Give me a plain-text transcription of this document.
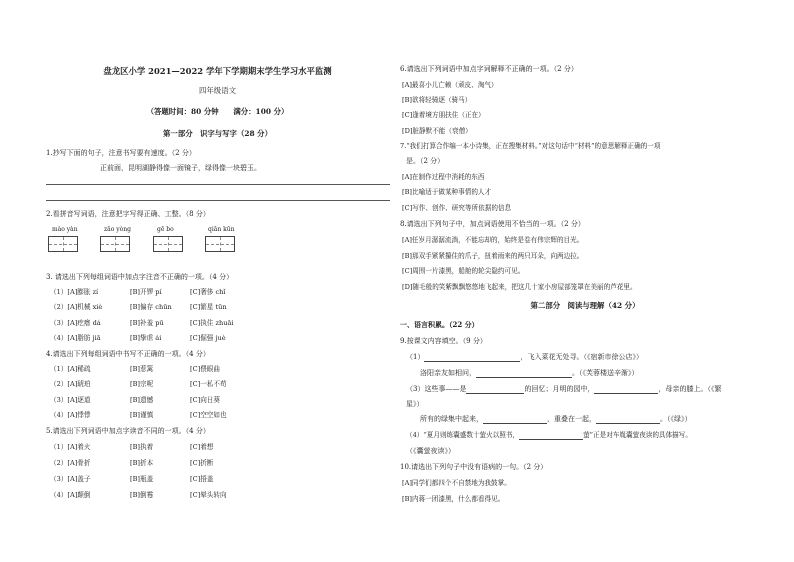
盘龙区小学 2021—2022 学年下学期期末学生学习水平监测
四年级语文
（答题时间：80 分钟　　满分：100 分）
第一部分　识字与写字（28 分）
1.抄写下面的句子，注意书写要有速度。（2 分）
正前面，昆明湖静得像一面镜子，绿得像一块碧玉。
2.看拼音写词语，注意把字写得正确、工整。（8 分）
mào yàn	zāo yòng	gē bo	qiān kūn
3. 请选出下列每组词语中加点字注音不正确的一项。（4 分）
（1）[A]膨胀 zí	[B]开锣 pí	[C]奢侈 chǐ
（2）[A]机械 xiè	[B]偏存 chūn	[C]繁星 tūn
（3）[A]疙瘩 dá	[B]补羞 pū	[C]执住 zhuāi
（4）[A]脂肪 jiā	[B]挚虐 ái	[C]倔强 juè
4.请选出下列每组词语中书写不正确的一项。（4 分）
（1）[A]稀疏	[B]惹篱	[C]偎眼曲
（2）[A]琥珀	[B]宗呢	[C]一私不苟
（3）[A]逐道	[B]遗憾	[C]向日葵
（4）[A]悸悸	[B]谨慎	[C]空空如也
5.请选出下列词语中加点字读音不同的一项。（4 分）
（1）[A]着火	[B]执着	[C]着想
（2）[A]骨折	[B]折本	[C]折断
（3）[A]盖子	[B]瓶盖	[C]捂盖
（4）[A]颠倒	[B]倒霉	[C]晕头转向
6.请选出下列词语中加点字词解释不正确的一项。（2 分）
[A]最喜小儿亡赖（顽皮、淘气）
[B]欲将轻骑逐（骑马）
[C]逢着境方朋扶住（正在）
[D]脏静默不能（衰僧）
7.“我们打算合作编一本小诗集，正在搜集材料。”对这句话中“材料”的意思解释正确的一项
是。（2 分）
[A]在制作过程中消耗的东西
[B]比喻适于做某种事情的人才
[C]写作、创作、研究等所依据的信息
8.请选出下列句子中，加点词语使用不恰当的一项。（2 分）
[A]任岁月潺潺流淌，不能忘却的，始终是卷有伟宗辉的目光。
[B]那双手紧紧攥住的爪子，扭着雨来的两只耳朵，向两边拉。
[C]周围一片漆黑，船舱的轮尖隐约可见。
[D]随毛般的笑紫飘飘悠悠地飞起来，把这几十家小房屋部笼罩在美丽的芦花里。
第二部分　阅读与理解（42 分）
一、语言积累。（22 分）
9.按课文内容填空。（9 分）
（1）	，飞入菜花无处寻。（《宿新市徐公店》）
洛阳亲友如相问，	。（《芙蓉楼送辛渐》）
（3）这些事——是	的回忆；月明的园中，	，母亲的膝上。（《繁
星》）
所有的绿集中起来，	，重叠在一起，	。（《绿》）
（4）“夏月则练囊盛数十萤火以照书，	萤”正是对车胤囊萤夜读的具体描写。
（《囊萤夜读》）
10.请选出下列句子中没有语病的一句。（2 分）
[A]同学们都四个不自禁地为我鼓掌。
[B]内蒋一团漆黑，什么都看得见。
